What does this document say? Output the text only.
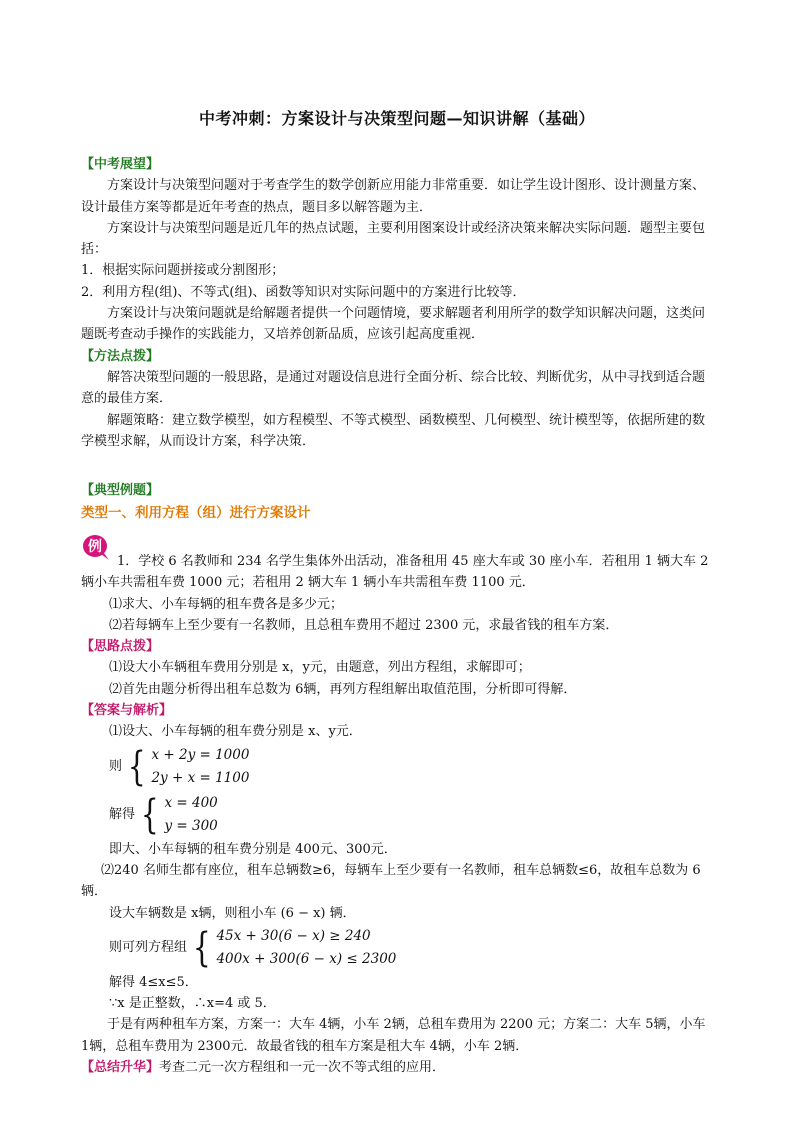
中考冲刺：方案设计与决策型问题—知识讲解（基础）

【中考展望】

方案设计与决策型问题对于考查学生的数学创新应用能力非常重要．如让学生设计图形、设计测量方案、设计最佳方案等都是近年考查的热点，题目多以解答题为主．

方案设计与决策型问题是近几年的热点试题，主要利用图案设计或经济决策来解决实际问题．题型主要包括：

1．根据实际问题拼接或分割图形；

2．利用方程(组)、不等式(组)、函数等知识对实际问题中的方案进行比较等．

方案设计与决策问题就是给解题者提供一个问题情境，要求解题者利用所学的数学知识解决问题，这类问题既考查动手操作的实践能力，又培养创新品质，应该引起高度重视．

【方法点拨】

解答决策型问题的一般思路，是通过对题设信息进行全面分析、综合比较、判断优劣，从中寻找到适合题意的最佳方案．

解题策略：建立数学模型，如方程模型、不等式模型、函数模型、几何模型、统计模型等，依据所建的数学模型求解，从而设计方案，科学决策．

【典型例题】

类型一、利用方程（组）进行方案设计

例

1．学校 6 名教师和 234 名学生集体外出活动，准备租用 45 座大车或 30 座小车．若租用 1 辆大车 2 辆小车共需租车费 1000 元；若租用 2 辆大车 1 辆小车共需租车费 1100 元．

⑴求大、小车每辆的租车费各是多少元；

⑵若每辆车上至少要有一名教师，且总租车费用不超过 2300 元，求最省钱的租车方案．

【思路点拨】

⑴设大小车辆租车费用分别是 x，y元，由题意，列出方程组，求解即可；

⑵首先由题分析得出租车总数为 6辆，再列方程组解出取值范围，分析即可得解．

【答案与解析】

⑴设大、小车每辆的租车费分别是 x、y元．

则 { x + 2y = 1000
2y + x = 1100
解得 { x = 400
y = 300

即大、小车每辆的租车费分别是 400元、300元．

⑵240 名师生都有座位，租车总辆数≥6，每辆车上至少要有一名教师，租车总辆数≤6，故租车总数为 6辆．

设大车辆数是 x辆，则租小车 (6 − x) 辆．

则可列方程组 { 45x + 30(6 − x) ≥ 240
400x + 300(6 − x) ≤ 2300

解得 4≤x≤5．

∵x 是正整数，∴x=4 或 5．

于是有两种租车方案，方案一：大车 4辆，小车 2辆，总租车费用为 2200 元；方案二：大车 5辆，小车 1辆，总租车费用为 2300元．故最省钱的租车方案是租大车 4辆，小车 2辆．

【总结升华】考查二元一次方程组和一元一次不等式组的应用．
